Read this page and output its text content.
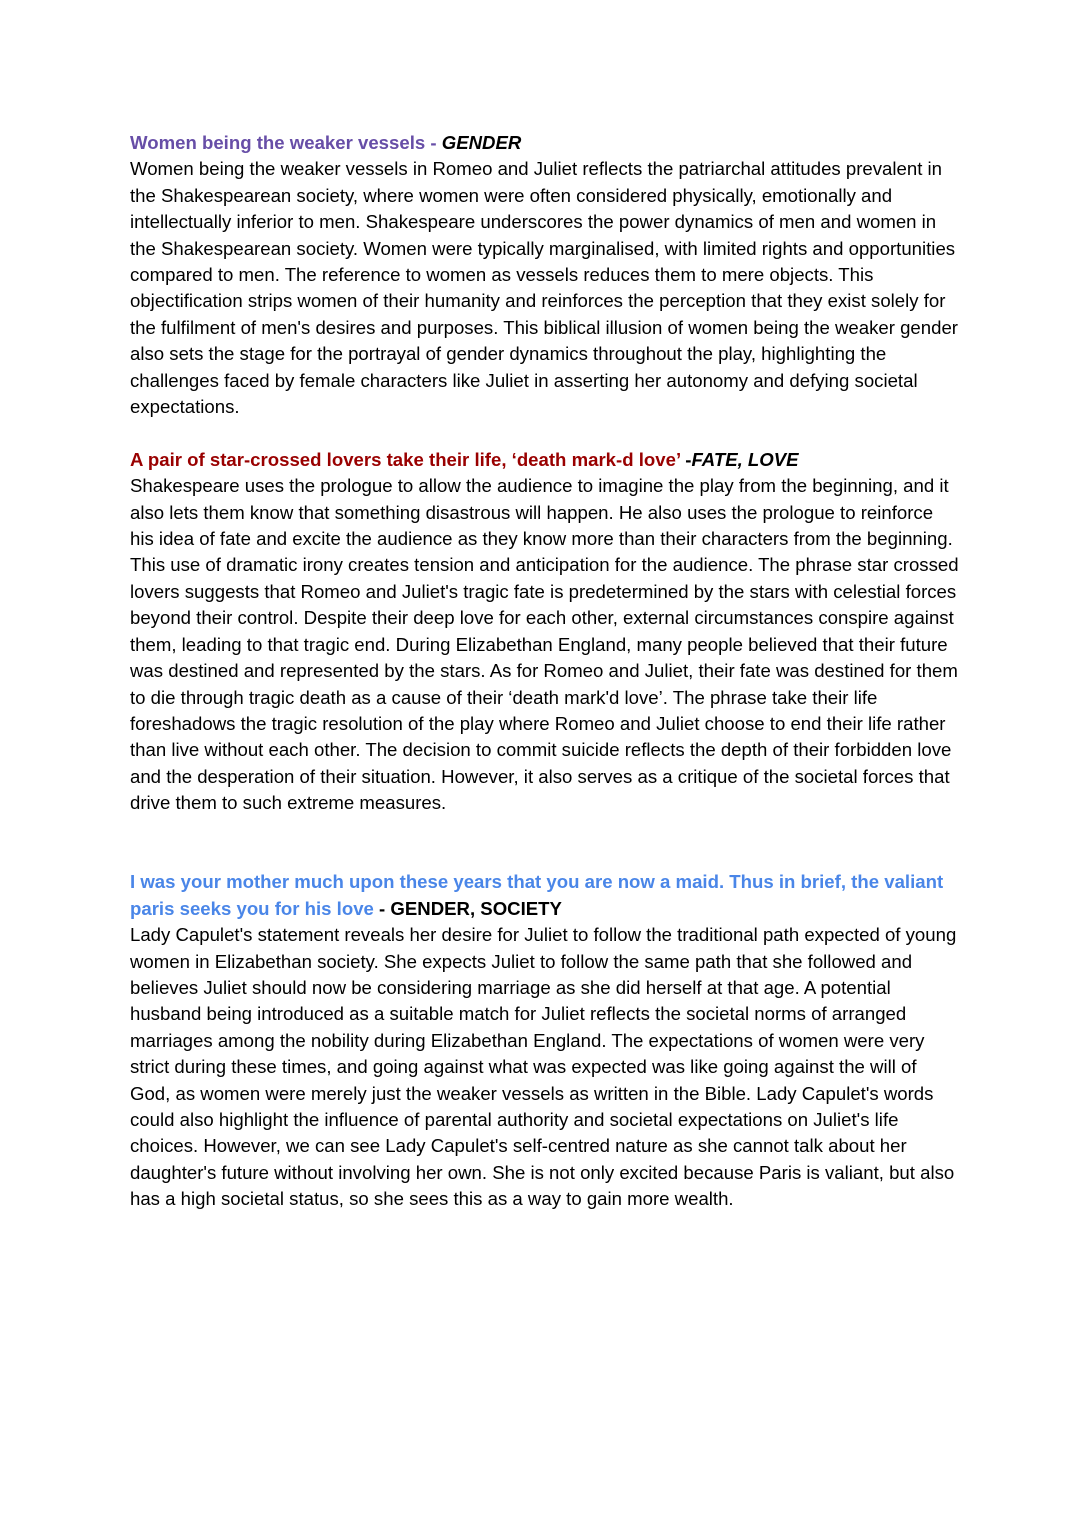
Women being the weaker vessels - GENDER

Women being the weaker vessels in Romeo and Juliet reflects the patriarchal attitudes prevalent in the Shakespearean society, where women were often considered physically, emotionally and intellectually inferior to men. Shakespeare underscores the power dynamics of men and women in the Shakespearean society. Women were typically marginalised, with limited rights and opportunities compared to men. The reference to women as vessels reduces them to mere objects. This objectification strips women of their humanity and reinforces the perception that they exist solely for the fulfilment of men's desires and purposes. This biblical illusion of women being the weaker gender also sets the stage for the portrayal of gender dynamics throughout the play, highlighting the challenges faced by female characters like Juliet in asserting her autonomy and defying societal expectations.

A pair of star-crossed lovers take their life, ‘death mark-d love’ -FATE, LOVE

Shakespeare uses the prologue to allow the audience to imagine the play from the beginning, and it also lets them know that something disastrous will happen. He also uses the prologue to reinforce his idea of fate and excite the audience as they know more than their characters from the beginning. This use of dramatic irony creates tension and anticipation for the audience. The phrase star crossed lovers suggests that Romeo and Juliet's tragic fate is predetermined by the stars with celestial forces beyond their control. Despite their deep love for each other, external circumstances conspire against them, leading to that tragic end. During Elizabethan England, many people believed that their future was destined and represented by the stars. As for Romeo and Juliet, their fate was destined for them to die through tragic death as a cause of their ‘death mark'd love’. The phrase take their life foreshadows the tragic resolution of the play where Romeo and Juliet choose to end their life rather than live without each other. The decision to commit suicide reflects the depth of their forbidden love and the desperation of their situation. However, it also serves as a critique of the societal forces that drive them to such extreme measures.

I was your mother much upon these years that you are now a maid. Thus in brief, the valiant paris seeks you for his love - GENDER, SOCIETY

Lady Capulet's statement reveals her desire for Juliet to follow the traditional path expected of young women in Elizabethan society. She expects Juliet to follow the same path that she followed and believes Juliet should now be considering marriage as she did herself at that age. A potential husband being introduced as a suitable match for Juliet reflects the societal norms of arranged marriages among the nobility during Elizabethan England. The expectations of women were very strict during these times, and going against what was expected was like going against the will of God, as women were merely just the weaker vessels as written in the Bible. Lady Capulet's words could also highlight the influence of parental authority and societal expectations on Juliet's life choices. However, we can see Lady Capulet's self-centred nature as she cannot talk about her daughter's future without involving her own. She is not only excited because Paris is valiant, but also has a high societal status, so she sees this as a way to gain more wealth.
